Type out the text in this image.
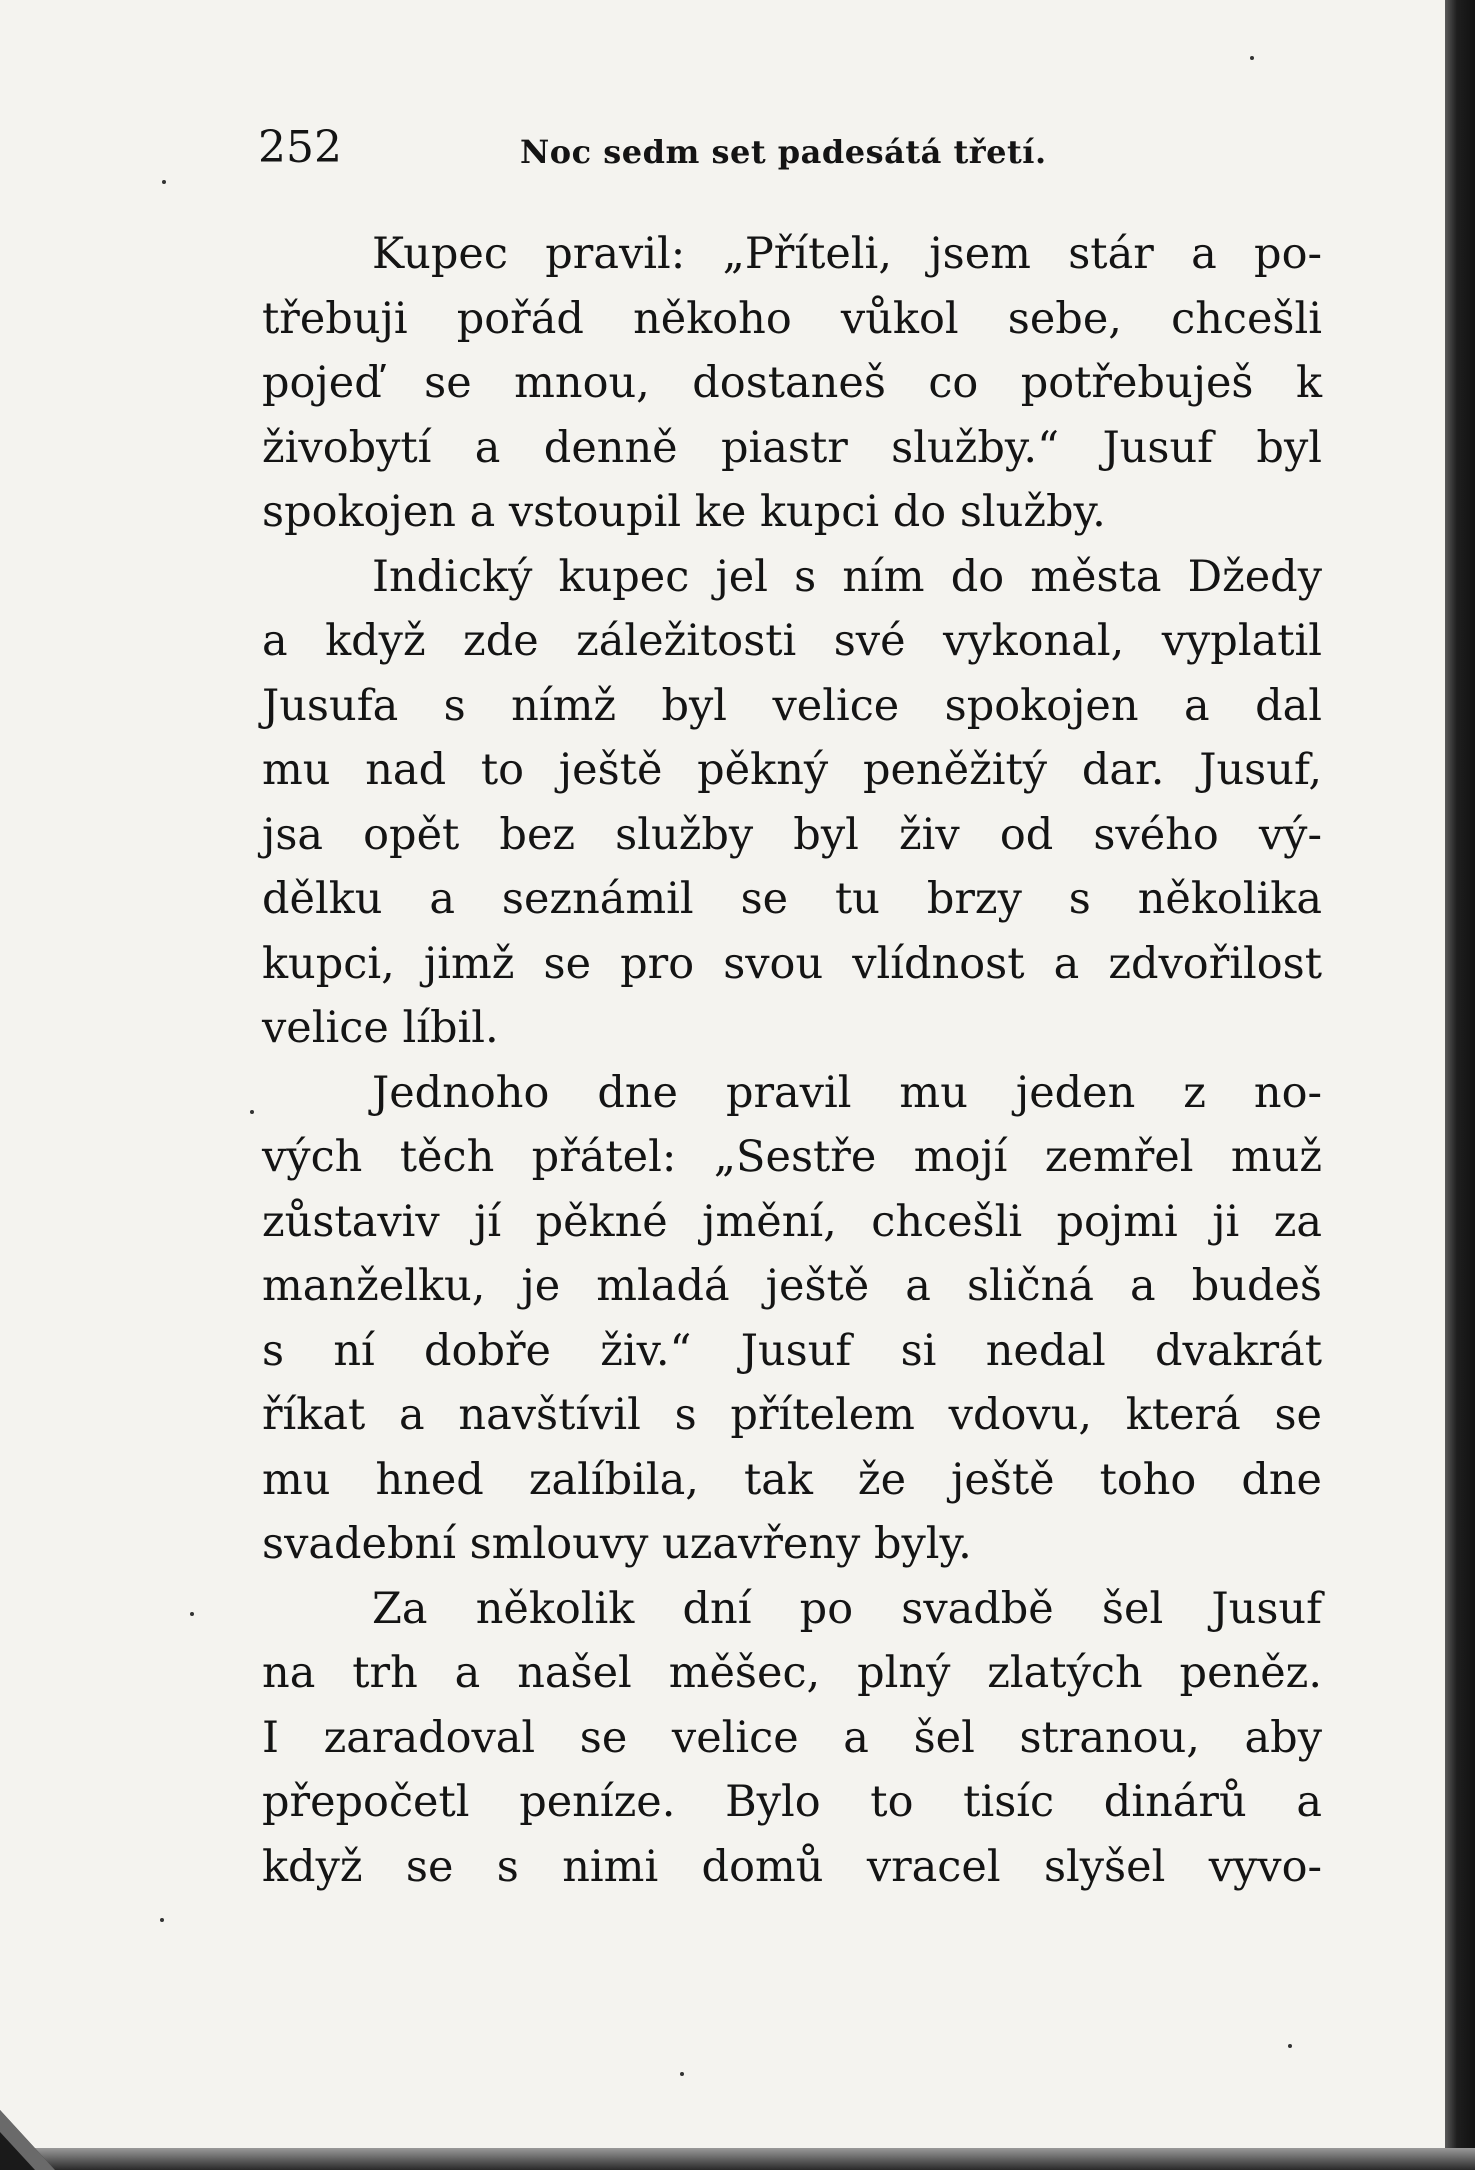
252	Noc sedm set padesátá třetí.
Kupec pravil: „Příteli, jsem stár a po-
třebuji pořád někoho vůkol sebe, chcešli
pojeď se mnou, dostaneš co potřebuješ k
živobytí a denně piastr služby.“ Jusuf byl
spokojen a vstoupil ke kupci do služby.
Indický kupec jel s ním do města Džedy
a když zde záležitosti své vykonal, vyplatil
Jusufa s nímž byl velice spokojen a dal
mu nad to ještě pěkný peněžitý dar. Jusuf,
jsa opět bez služby byl živ od svého vý-
dělku a seznámil se tu brzy s několika
kupci, jimž se pro svou vlídnost a zdvořilost
velice líbil.
Jednoho dne pravil mu jeden z no-
vých těch přátel: „Sestře mojí zemřel muž
zůstaviv jí pěkné jmění, chcešli pojmi ji za
manželku, je mladá ještě a sličná a budeš
s ní dobře živ.“ Jusuf si nedal dvakrát
říkat a navštívil s přítelem vdovu, která se
mu hned zalíbila, tak že ještě toho dne
svadební smlouvy uzavřeny byly.
Za několik dní po svadbě šel Jusuf
na trh a našel měšec, plný zlatých peněz.
I zaradoval se velice a šel stranou, aby
přepočetl peníze. Bylo to tisíc dinárů a
když se s nimi domů vracel slyšel vyvo-
